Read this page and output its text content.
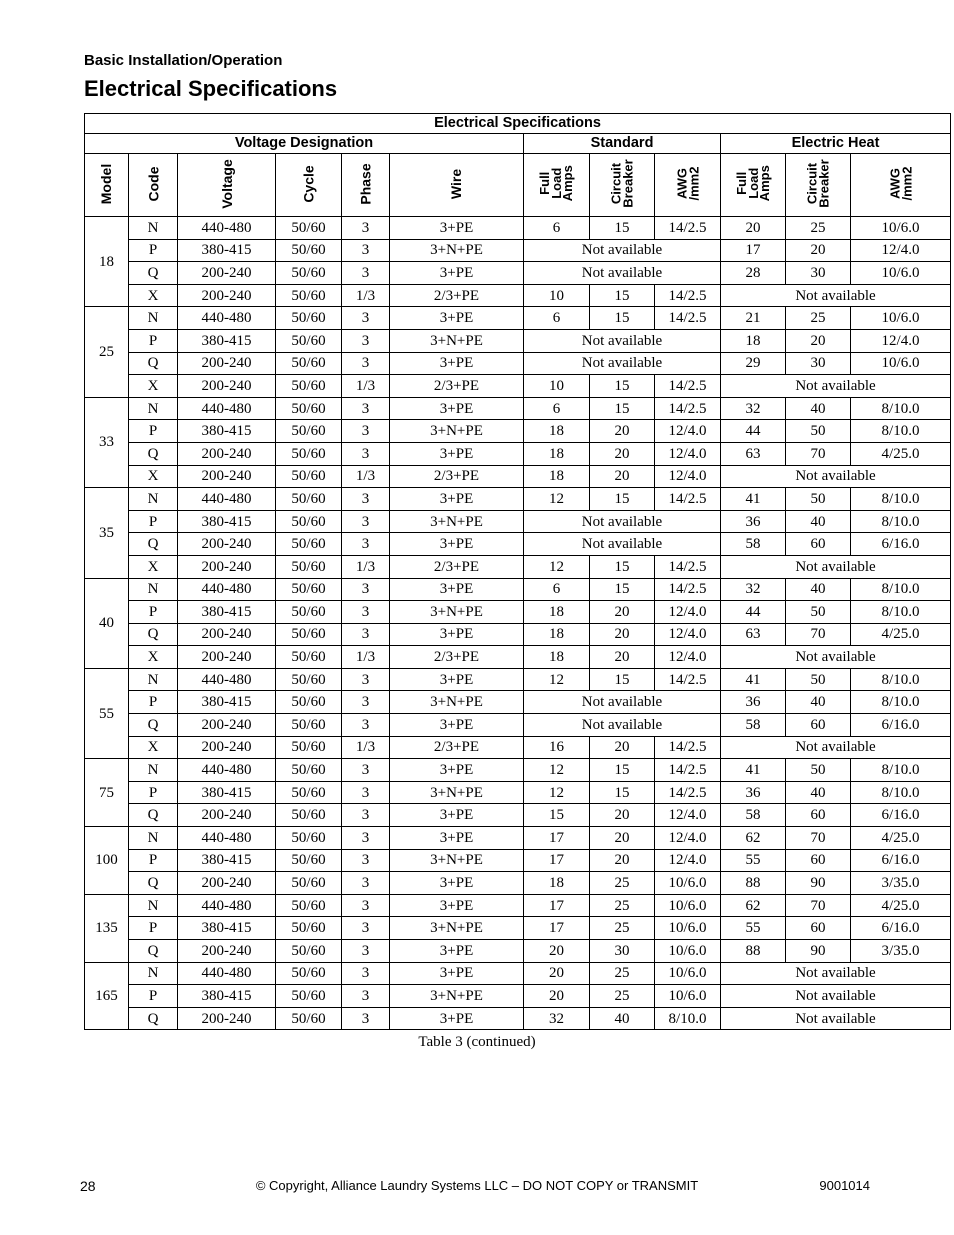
Basic Installation/Operation
Electrical Specifications
Electrical Specifications											
Voltage Designation						Standard			Electric Heat		
Model	Code	Voltage	Cycle	Phase	Wire	Full
Load
Amps	Circuit
Breaker	AWG
/mm2	Full
Load
Amps	Circuit
Breaker	AWG
/mm2
18	N	440-480	50/60	3	3+PE	6	15	14/2.5	20	25	10/6.0
	P	380-415	50/60	3	3+N+PE	Not available			17	20	12/4.0
	Q	200-240	50/60	3	3+PE	Not available			28	30	10/6.0
	X	200-240	50/60	1/3	2/3+PE	10	15	14/2.5	Not available		
25	N	440-480	50/60	3	3+PE	6	15	14/2.5	21	25	10/6.0
	P	380-415	50/60	3	3+N+PE	Not available			18	20	12/4.0
	Q	200-240	50/60	3	3+PE	Not available			29	30	10/6.0
	X	200-240	50/60	1/3	2/3+PE	10	15	14/2.5	Not available		
33	N	440-480	50/60	3	3+PE	6	15	14/2.5	32	40	8/10.0
	P	380-415	50/60	3	3+N+PE	18	20	12/4.0	44	50	8/10.0
	Q	200-240	50/60	3	3+PE	18	20	12/4.0	63	70	4/25.0
	X	200-240	50/60	1/3	2/3+PE	18	20	12/4.0	Not available		
35	N	440-480	50/60	3	3+PE	12	15	14/2.5	41	50	8/10.0
	P	380-415	50/60	3	3+N+PE	Not available			36	40	8/10.0
	Q	200-240	50/60	3	3+PE	Not available			58	60	6/16.0
	X	200-240	50/60	1/3	2/3+PE	12	15	14/2.5	Not available		
40	N	440-480	50/60	3	3+PE	6	15	14/2.5	32	40	8/10.0
	P	380-415	50/60	3	3+N+PE	18	20	12/4.0	44	50	8/10.0
	Q	200-240	50/60	3	3+PE	18	20	12/4.0	63	70	4/25.0
	X	200-240	50/60	1/3	2/3+PE	18	20	12/4.0	Not available		
55	N	440-480	50/60	3	3+PE	12	15	14/2.5	41	50	8/10.0
	P	380-415	50/60	3	3+N+PE	Not available			36	40	8/10.0
	Q	200-240	50/60	3	3+PE	Not available			58	60	6/16.0
	X	200-240	50/60	1/3	2/3+PE	16	20	14/2.5	Not available		
75	N	440-480	50/60	3	3+PE	12	15	14/2.5	41	50	8/10.0
	P	380-415	50/60	3	3+N+PE	12	15	14/2.5	36	40	8/10.0
	Q	200-240	50/60	3	3+PE	15	20	12/4.0	58	60	6/16.0
100	N	440-480	50/60	3	3+PE	17	20	12/4.0	62	70	4/25.0
	P	380-415	50/60	3	3+N+PE	17	20	12/4.0	55	60	6/16.0
	Q	200-240	50/60	3	3+PE	18	25	10/6.0	88	90	3/35.0
135	N	440-480	50/60	3	3+PE	17	25	10/6.0	62	70	4/25.0
	P	380-415	50/60	3	3+N+PE	17	25	10/6.0	55	60	6/16.0
	Q	200-240	50/60	3	3+PE	20	30	10/6.0	88	90	3/35.0
165	N	440-480	50/60	3	3+PE	20	25	10/6.0	Not available		
	P	380-415	50/60	3	3+N+PE	20	25	10/6.0	Not available		
	Q	200-240	50/60	3	3+PE	32	40	8/10.0	Not available		
Table 3 (continued)
28	© Copyright, Alliance Laundry Systems LLC – DO NOT COPY or TRANSMIT	9001014
